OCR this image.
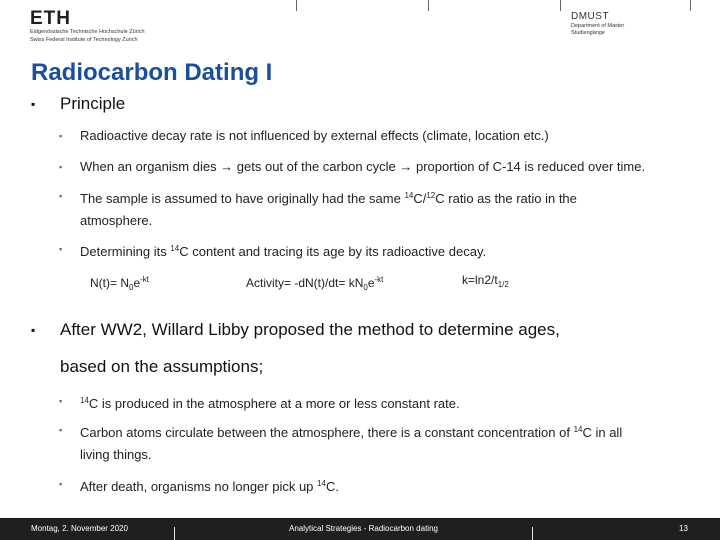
ETH
Eidgenössische Technische Hochschule Zürich
Swiss Federal Institute of Technology Zurich
DMUST
Department of Master
Studiengänge
Radiocarbon Dating I
▪ Principle
▪ Radioactive decay rate is not influenced by external effects (climate, location etc.)
▪ When an organism dies → gets out of the carbon cycle → proportion of C-14 is reduced over time.
▪ The sample is assumed to have originally had the same $^{14}$C/$^{12}$C ratio as the ratio in the
atmosphere.
▪ Determining its $^{14}$C content and tracing its age by its radioactive decay.
$N(t)= N_0e^{-kt}$	Activity= $-dN(t)/dt= kN_0e^{-kt}$	$k=\ln 2/t_{1/2}$
▪ After WW2, Willard Libby proposed the method to determine ages,
based on the assumptions;
▪ $^{14}$C is produced in the atmosphere at a more or less constant rate.
▪ Carbon atoms circulate between the atmosphere, there is a constant concentration of $^{14}$C in all
living things.
▪ After death, organisms no longer pick up $^{14}$C.
Montag, 2. November 2020	Analytical Strategies - Radiocarbon dating	13
